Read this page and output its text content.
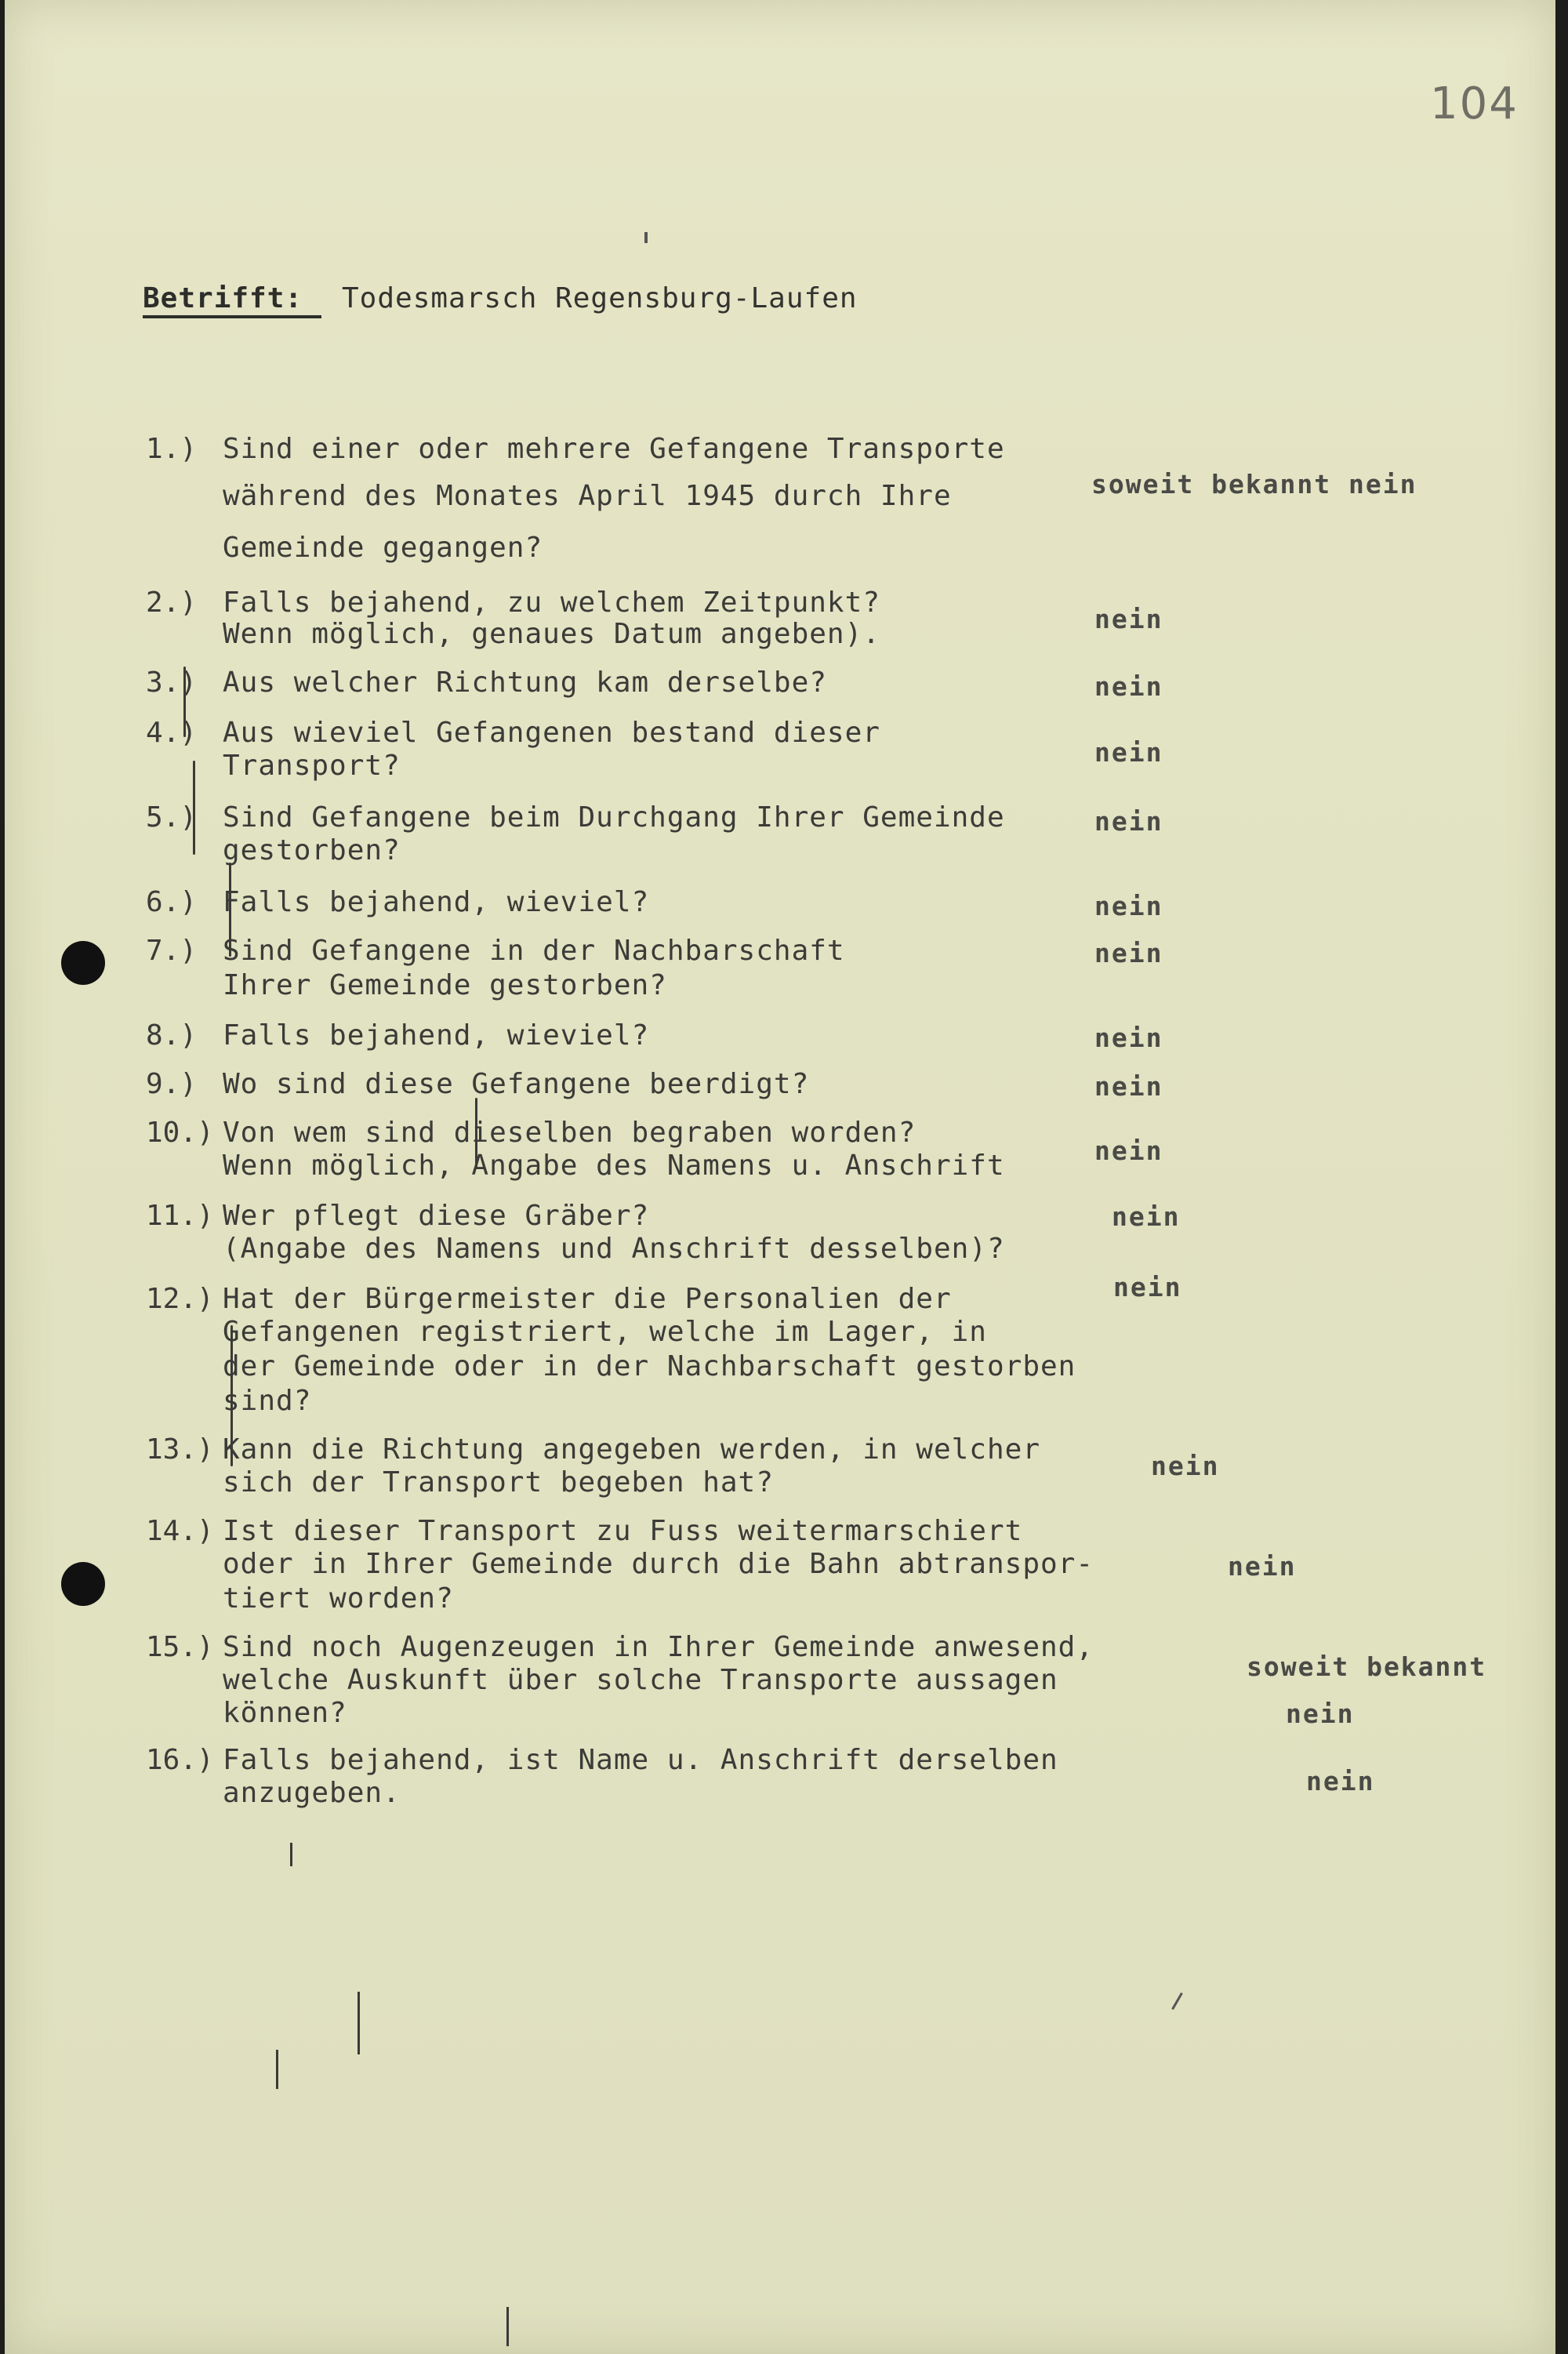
104
Betrifft: Todesmarsch Regensburg-Laufen
1.) Sind einer oder mehrere Gefangene Transporte
während des Monates April 1945 durch Ihre
Gemeinde gegangen?
soweit bekannt nein
2.) Falls bejahend, zu welchem Zeitpunkt?
Wenn möglich, genaues Datum angeben).	nein
3.) Aus welcher Richtung kam derselbe?	nein
4.) Aus wieviel Gefangenen bestand dieser
Transport?	nein
5.) Sind Gefangene beim Durchgang Ihrer Gemeinde
gestorben?
nein
6.) Falls bejahend, wieviel?	nein
7.) Sind Gefangene in der Nachbarschaft
Ihrer Gemeinde gestorben?
nein
8.) Falls bejahend, wieviel?	nein
9.) Wo sind diese Gefangene beerdigt?	nein
10.) Von wem sind dieselben begraben worden?
Wenn möglich, Angabe des Namens u. Anschrift	nein
11.) Wer pflegt diese Gräber?
(Angabe des Namens und Anschrift desselben)?
nein
12.) Hat der Bürgermeister die Personalien der
Gefangenen registriert, welche im Lager, in
der Gemeinde oder in der Nachbarschaft gestorben
sind?
nein
13.) Kann die Richtung angegeben werden, in welcher
sich der Transport begeben hat?
nein
14.) Ist dieser Transport zu Fuss weitermarschiert
oder in Ihrer Gemeinde durch die Bahn abtranspor-
tiert worden?
nein
15.) Sind noch Augenzeugen in Ihrer Gemeinde anwesend,
welche Auskunft über solche Transporte aussagen
können?
soweit bekannt
nein
16.) Falls bejahend, ist Name u. Anschrift derselben
anzugeben.	nein
